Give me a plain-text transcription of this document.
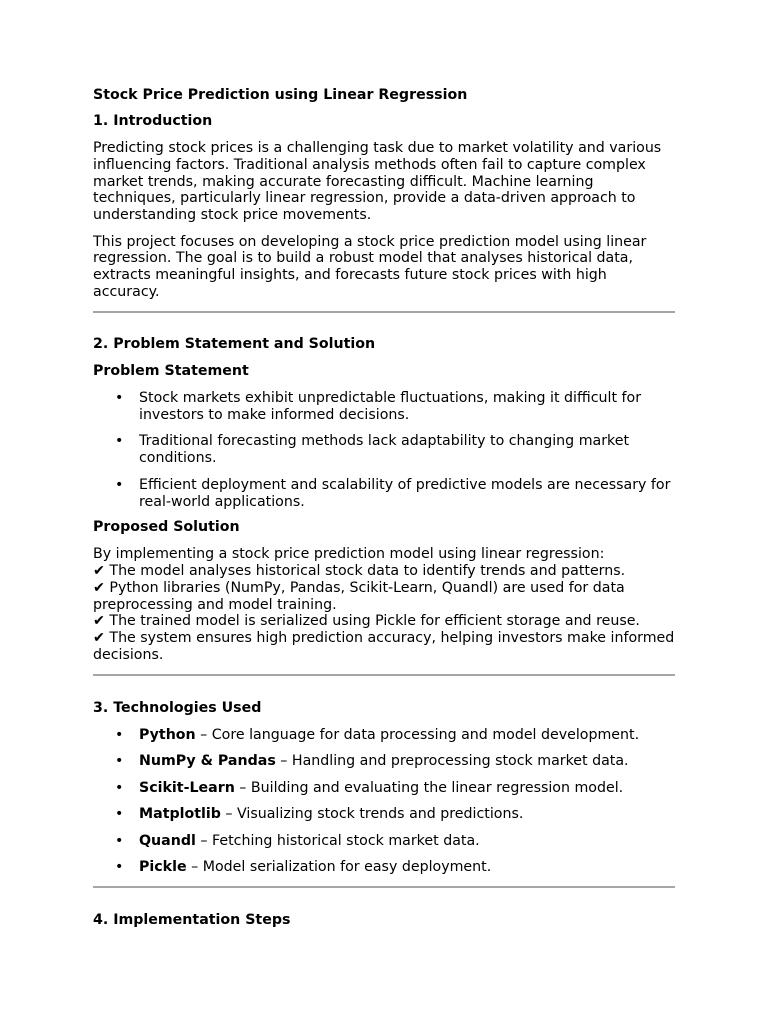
Stock Price Prediction using Linear Regression
1. Introduction
Predicting stock prices is a challenging task due to market volatility and various
influencing factors. Traditional analysis methods often fail to capture complex
market trends, making accurate forecasting difficult. Machine learning
techniques, particularly linear regression, provide a data-driven approach to
understanding stock price movements.
This project focuses on developing a stock price prediction model using linear
regression. The goal is to build a robust model that analyses historical data,
extracts meaningful insights, and forecasts future stock prices with high
accuracy.
2. Problem Statement and Solution
Problem Statement
• Stock markets exhibit unpredictable fluctuations, making it difficult for
investors to make informed decisions.
• Traditional forecasting methods lack adaptability to changing market
conditions.
• Efficient deployment and scalability of predictive models are necessary for
real-world applications.
Proposed Solution
By implementing a stock price prediction model using linear regression:
✔ The model analyses historical stock data to identify trends and patterns.
✔ Python libraries (NumPy, Pandas, Scikit-Learn, Quandl) are used for data
preprocessing and model training.
✔ The trained model is serialized using Pickle for efficient storage and reuse.
✔ The system ensures high prediction accuracy, helping investors make informed
decisions.
3. Technologies Used
• Python – Core language for data processing and model development.
• NumPy & Pandas – Handling and preprocessing stock market data.
• Scikit-Learn – Building and evaluating the linear regression model.
• Matplotlib – Visualizing stock trends and predictions.
• Quandl – Fetching historical stock market data.
• Pickle – Model serialization for easy deployment.
4. Implementation Steps
